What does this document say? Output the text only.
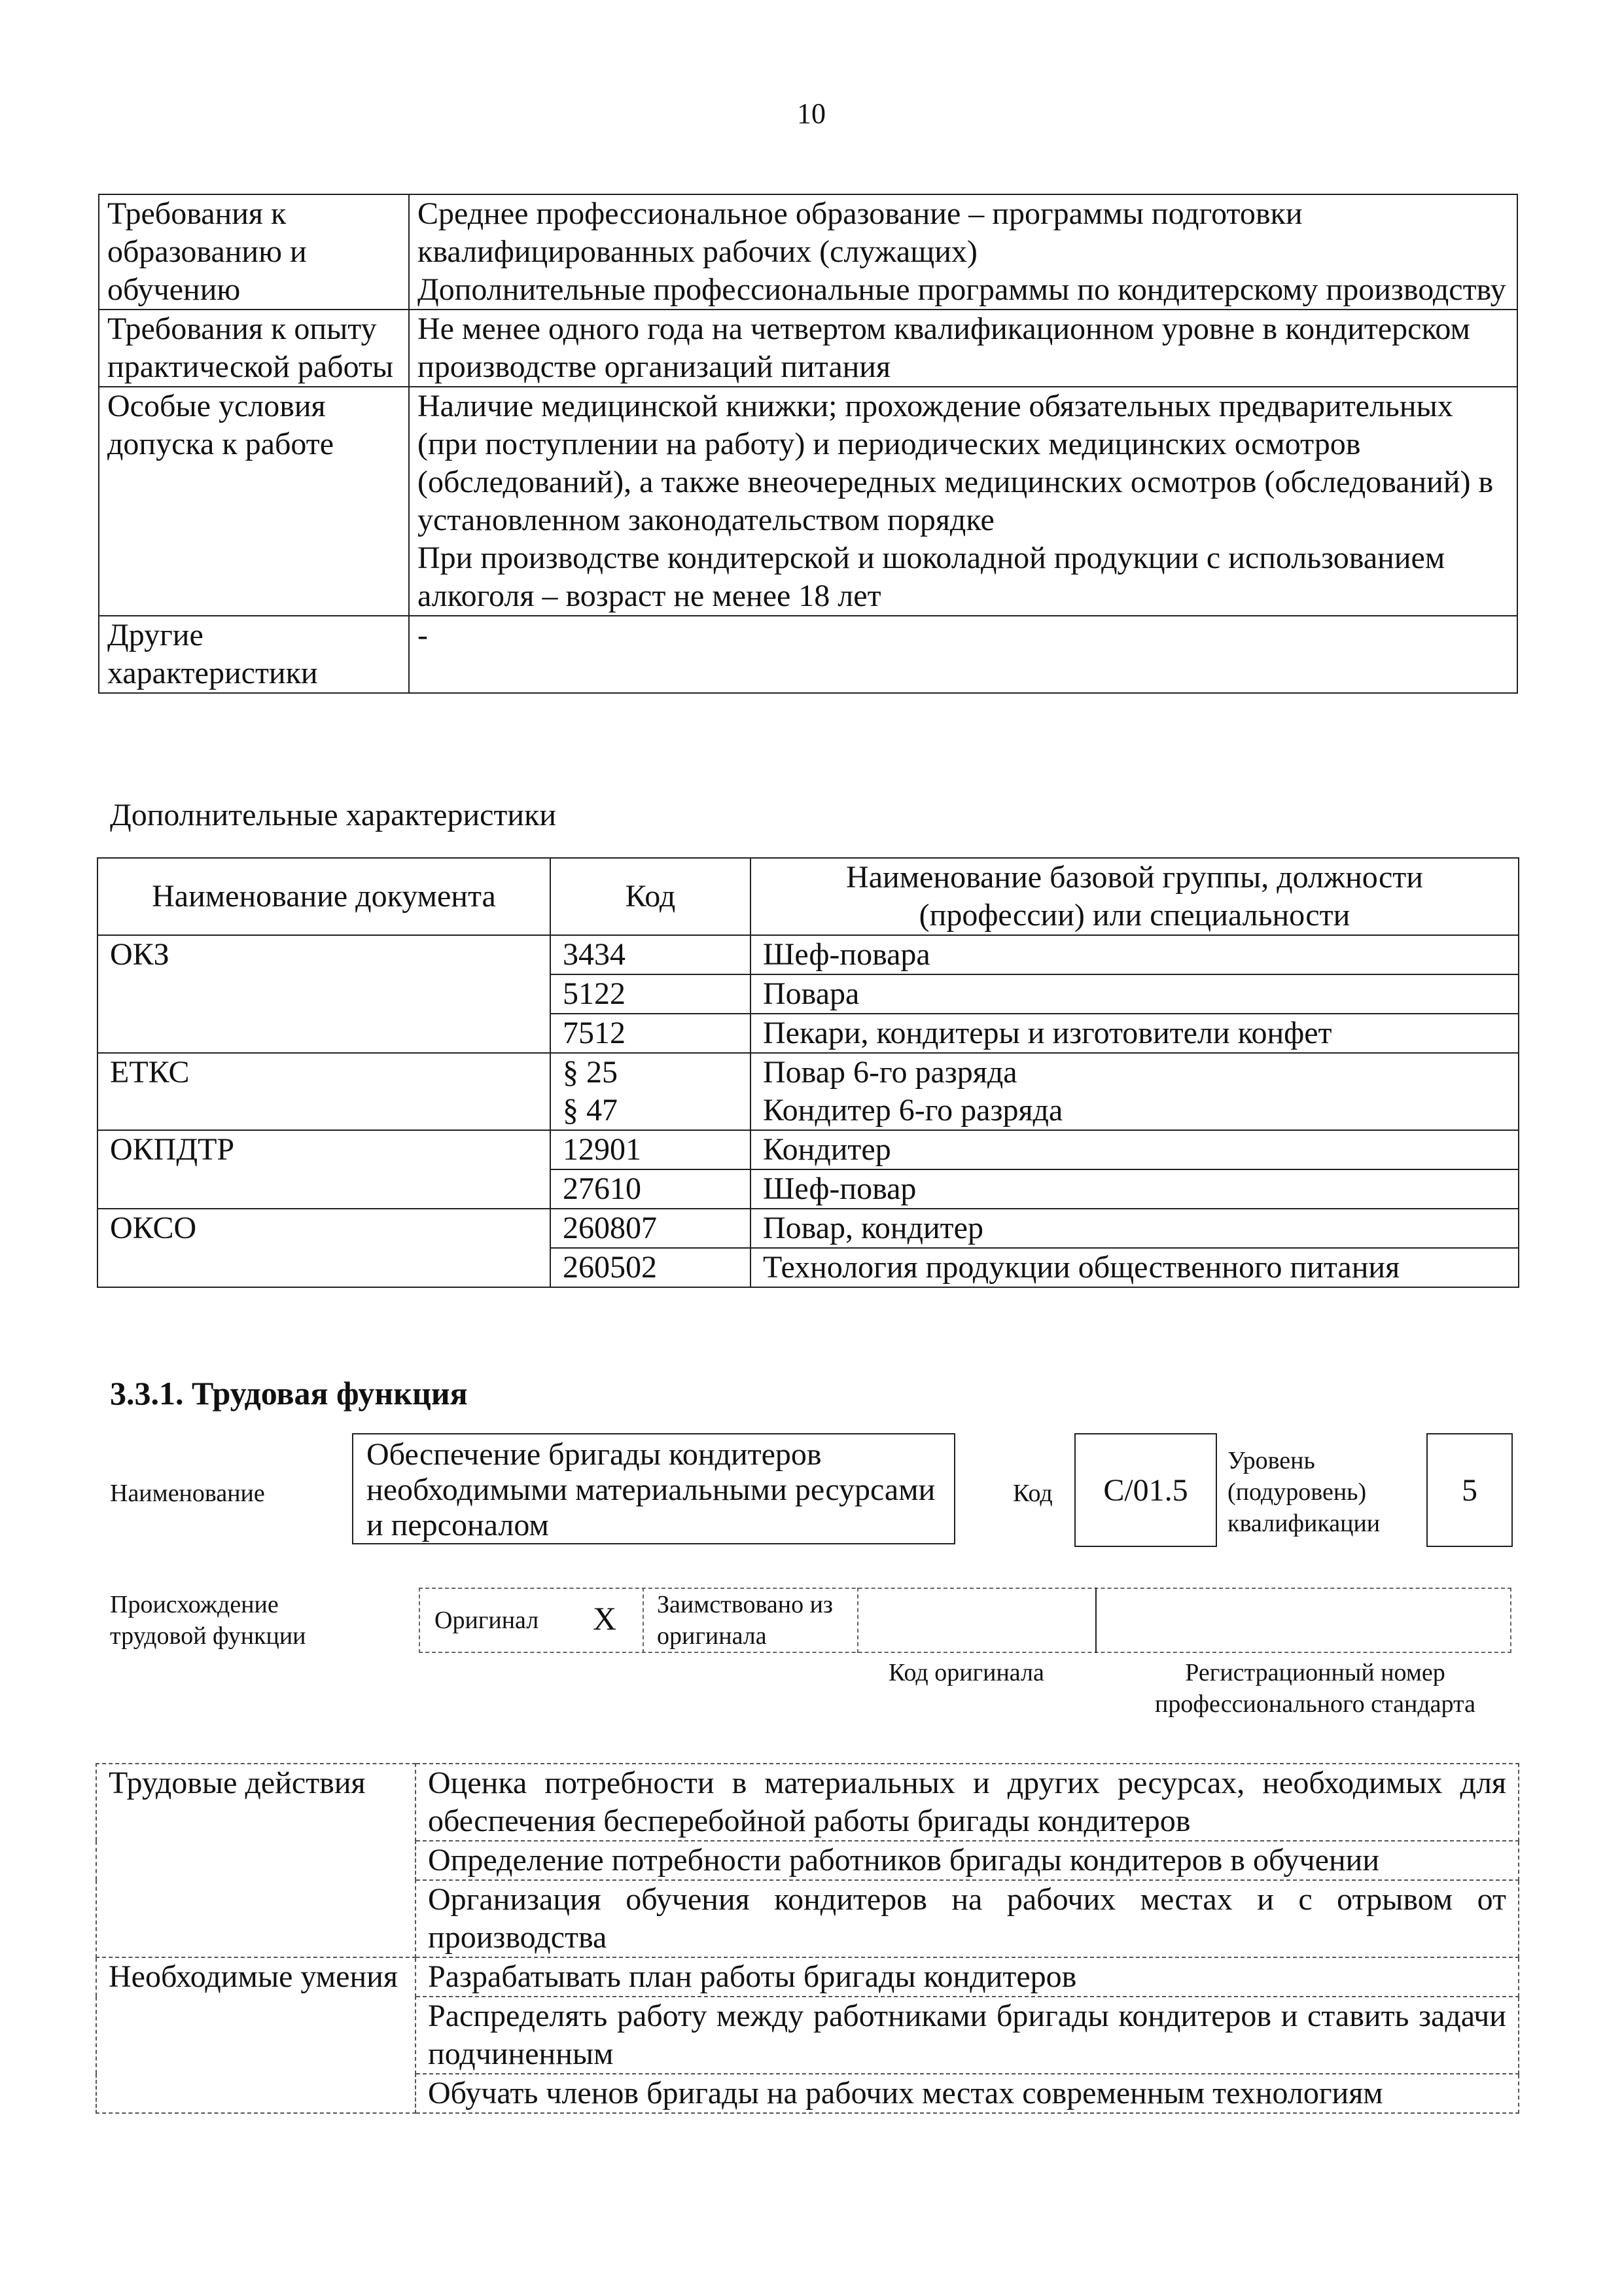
10
Требования к образованию и обучению	Среднее профессиональное образование – программы подготовки квалифицированных рабочих (служащих)
Дополнительные профессиональные программы по кондитерскому производству

Требования к опыту практической работы	Не менее одного года на четвертом квалификационном уровне в кондитерском производстве организаций питания

Особые условия допуска к работе	Наличие медицинской книжки; прохождение обязательных предварительных (при поступлении на работу) и периодических медицинских осмотров (обследований), а также внеочередных медицинских осмотров (обследований) в установленном законодательством порядке
При производстве кондитерской и шоколадной продукции с использованием алкоголя – возраст не менее 18 лет

Другие характеристики	-
Дополнительные характеристики
Наименование документа	Код	Наименование базовой группы, должности (профессии) или специальности
ОКЗ	3434	Шеф-повара
	5122	Повара
	7512	Пекари, кондитеры и изготовители конфет
ЕТКС	§ 25	Повар 6-го разряда
	§ 47	Кондитер 6-го разряда
ОКПДТР	12901	Кондитер
	27610	Шеф-повар
ОКСО	260807	Повар, кондитер
	260502	Технология продукции общественного питания
3.3.1. Трудовая функция
Наименование
Обеспечение бригады кондитеров необходимыми материальными ресурсами и персоналом
Код C/01.5
Уровень (подуровень) квалификации
5
Происхождение трудовой функции
Оригинал X Заимствовано из оригинала
Код оригинала	Регистрационный номер профессионального стандарта
Трудовые действия	Оценка потребности в материальных и других ресурсах, необходимых для обеспечения бесперебойной работы бригады кондитеров
	Определение потребности работников бригады кондитеров в обучении
	Организация обучения кондитеров на рабочих местах и с отрывом от производства
Необходимые умения	Разрабатывать план работы бригады кондитеров
	Распределять работу между работниками бригады кондитеров и ставить задачи подчиненным
	Обучать членов бригады на рабочих местах современным технологиям
